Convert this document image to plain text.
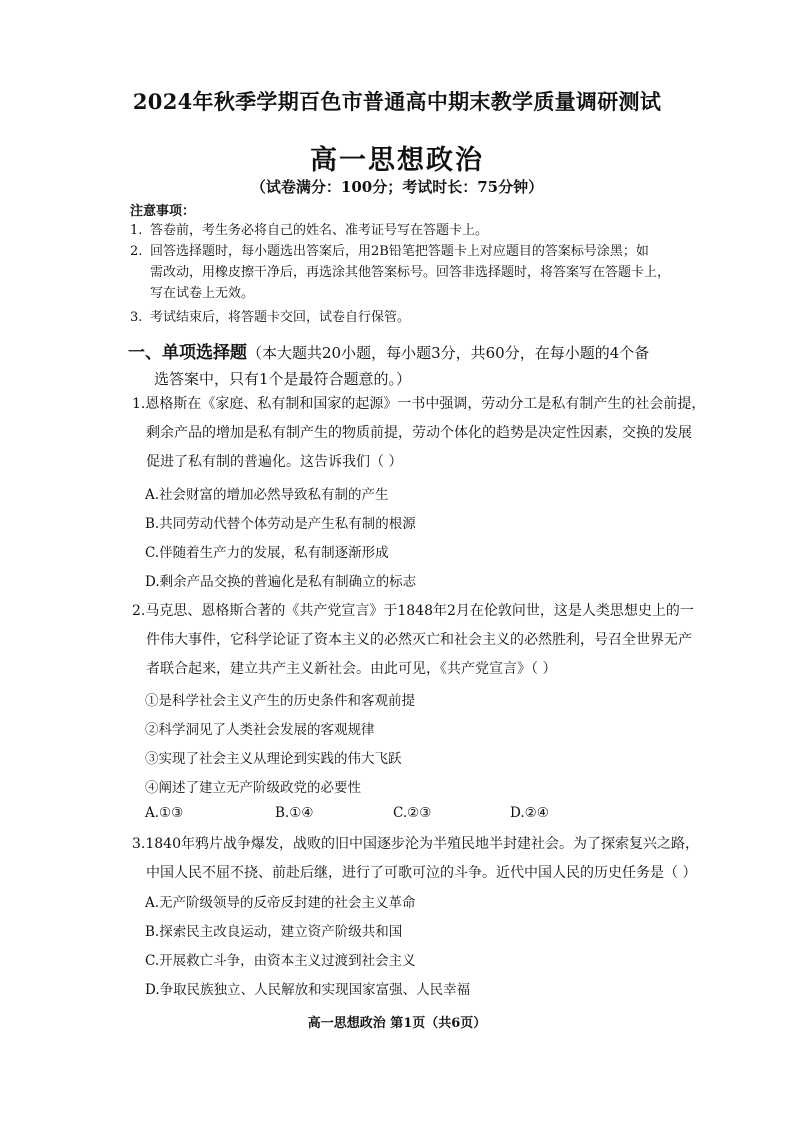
2024年秋季学期百色市普通高中期末教学质量调研测试
高一思想政治
（试卷满分：100分；考试时长：75分钟）
注意事项：
1. 答卷前，考生务必将自己的姓名、准考证号写在答题卡上。
2. 回答选择题时，每小题选出答案后，用2B铅笔把答题卡上对应题目的答案标号涂黑；如
需改动，用橡皮擦干净后，再选涂其他答案标号。回答非选择题时，将答案写在答题卡上，
写在试卷上无效。
3. 考试结束后，将答题卡交回，试卷自行保管。
一、单项选择题（本大题共20小题，每小题3分，共60分，在每小题的4个备
选答案中，只有1个是最符合题意的。）
1.恩格斯在《家庭、私有制和国家的起源》一书中强调，劳动分工是私有制产生的社会前提，
剩余产品的增加是私有制产生的物质前提，劳动个体化的趋势是决定性因素，交换的发展
促进了私有制的普遍化。这告诉我们（ ）
A.社会财富的增加必然导致私有制的产生
B.共同劳动代替个体劳动是产生私有制的根源
C.伴随着生产力的发展，私有制逐渐形成
D.剩余产品交换的普遍化是私有制确立的标志
2.马克思、恩格斯合著的《共产党宣言》于1848年2月在伦敦问世，这是人类思想史上的一
件伟大事件，它科学论证了资本主义的必然灭亡和社会主义的必然胜利，号召全世界无产
者联合起来，建立共产主义新社会。由此可见，《共产党宣言》（ ）
①是科学社会主义产生的历史条件和客观前提
②科学洞见了人类社会发展的客观规律
③实现了社会主义从理论到实践的伟大飞跃
④阐述了建立无产阶级政党的必要性
A.①③	B.①④	C.②③	D.②④
3.1840年鸦片战争爆发，战败的旧中国逐步沦为半殖民地半封建社会。为了探索复兴之路，
中国人民不屈不挠、前赴后继，进行了可歌可泣的斗争。近代中国人民的历史任务是（ ）
A.无产阶级领导的反帝反封建的社会主义革命
B.探索民主改良运动，建立资产阶级共和国
C.开展救亡斗争，由资本主义过渡到社会主义
D.争取民族独立、人民解放和实现国家富强、人民幸福
高一思想政治 第1页（共6页）
